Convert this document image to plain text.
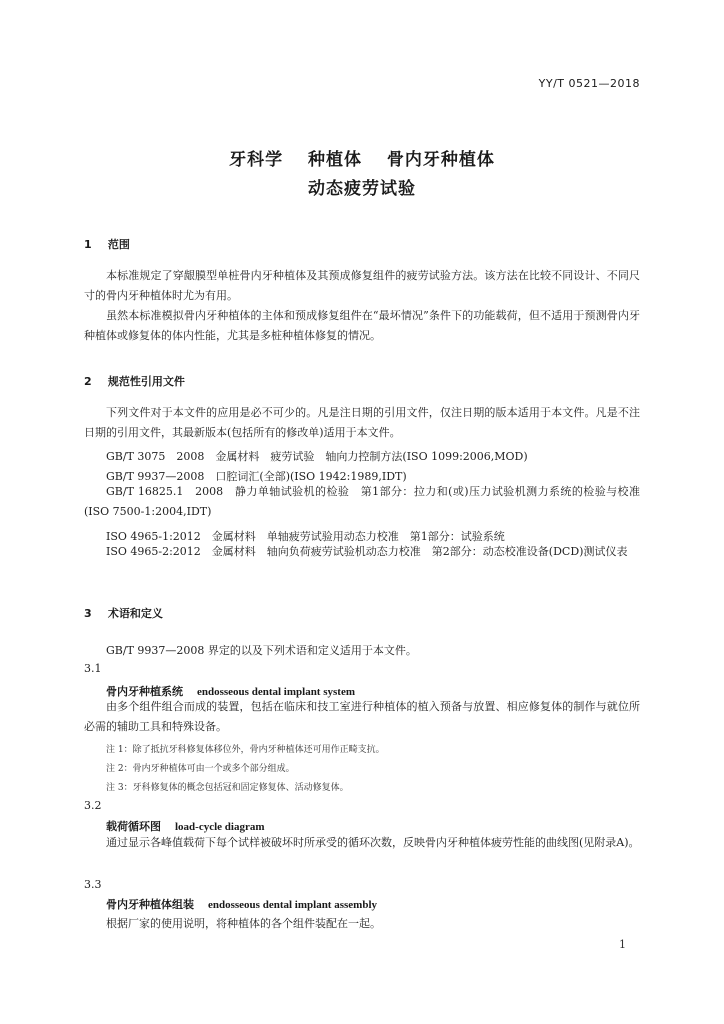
YY/T 0521—2018
牙科学 种植体 骨内牙种植体
动态疲劳试验
1 范围
本标准规定了穿龈膜型单桩骨内牙种植体及其预成修复组件的疲劳试验方法。该方法在比较不同设计、不同尺寸的骨内牙种植体时尤为有用。
虽然本标准模拟骨内牙种植体的主体和预成修复组件在“最坏情况”条件下的功能载荷，但不适用于预测骨内牙种植体或修复体的体内性能，尤其是多桩种植体修复的情况。
2 规范性引用文件
下列文件对于本文件的应用是必不可少的。凡是注日期的引用文件，仅注日期的版本适用于本文件。凡是不注日期的引用文件，其最新版本(包括所有的修改单)适用于本文件。
GB/T 3075　2008　金属材料　疲劳试验　轴向力控制方法(ISO 1099:2006,MOD)
GB/T 9937—2008　口腔词汇(全部)(ISO 1942:1989,IDT)
GB/T 16825.1　2008　静力单轴试验机的检验　第1部分：拉力和(或)压力试验机测力系统的检验与校准(ISO 7500-1:2004,IDT)
ISO 4965-1:2012　金属材料　单轴疲劳试验用动态力校准　第1部分：试验系统
ISO 4965-2:2012　金属材料　轴向负荷疲劳试验机动态力校准　第2部分：动态校准设备(DCD)测试仪表
3 术语和定义
GB/T 9937—2008 界定的以及下列术语和定义适用于本文件。
3.1
骨内牙种植系统 endosseous dental implant system
由多个组件组合而成的装置，包括在临床和技工室进行种植体的植入预备与放置、相应修复体的制作与就位所必需的辅助工具和特殊设备。
注 1：除了抵抗牙科修复体移位外，骨内牙种植体还可用作正畸支抗。
注 2：骨内牙种植体可由一个或多个部分组成。
注 3：牙科修复体的概念包括冠和固定修复体、活动修复体。
3.2
载荷循环图 load-cycle diagram
通过显示各峰值载荷下每个试样被破坏时所承受的循环次数，反映骨内牙种植体疲劳性能的曲线图(见附录A)。
3.3
骨内牙种植体组装 endosseous dental implant assembly
根据厂家的使用说明，将种植体的各个组件装配在一起。
1
